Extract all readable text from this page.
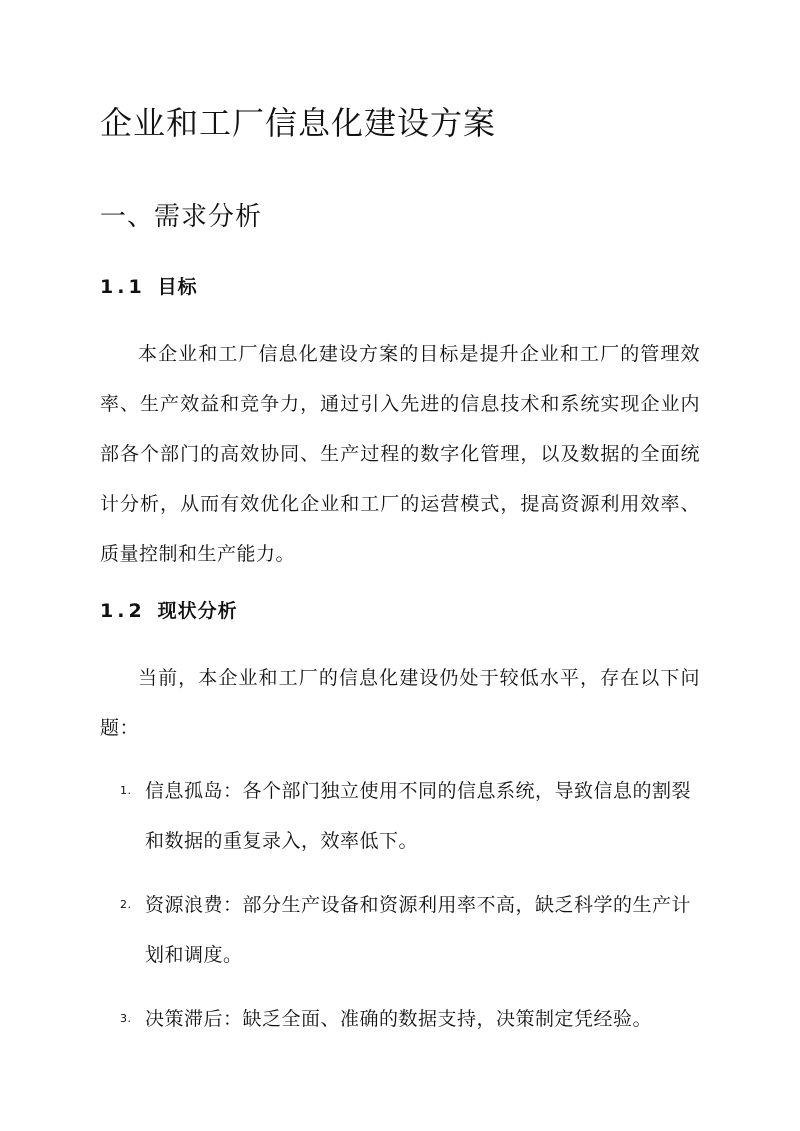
企业和工厂信息化建设方案
一、需求分析
1.1 目标

本企业和工厂信息化建设方案的目标是提升企业和工厂的管理效率、生产效益和竞争力，通过引入先进的信息技术和系统实现企业内部各个部门的高效协同、生产过程的数字化管理，以及数据的全面统计分析，从而有效优化企业和工厂的运营模式，提高资源利用效率、质量控制和生产能力。

1.2 现状分析

当前，本企业和工厂的信息化建设仍处于较低水平，存在以下问题：

1. 信息孤岛：各个部门独立使用不同的信息系统，导致信息的割裂和数据的重复录入，效率低下。
2. 资源浪费：部分生产设备和资源利用率不高，缺乏科学的生产计划和调度。
3. 决策滞后：缺乏全面、准确的数据支持，决策制定凭经验。
